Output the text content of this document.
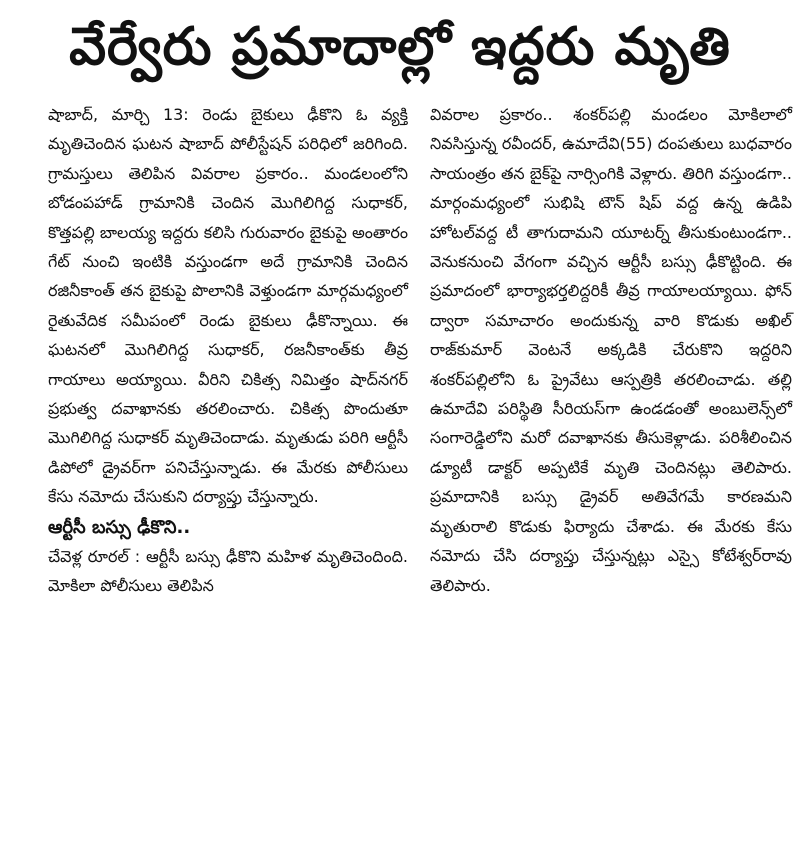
వేర్వేరు ప్రమాదాల్లో ఇద్దరు మృతి

షాబాద్, మార్చి 13: రెండు బైకులు ఢీకొని ఓ వ్యక్తి మృతిచెందిన ఘటన షాబాద్ పోలీస్టేషన్ పరిధిలో జరిగింది. గ్రామస్తులు తెలిపిన వివరాల ప్రకారం.. మండలంలోని బోడంపహాడ్ గ్రామానికి చెందిన మొగిలిగిద్ద సుధాకర్, కొత్తపల్లి బాలయ్య ఇద్దరు కలిసి గురువారం బైకుపై అంతారం గేట్ నుంచి ఇంటికి వస్తుండగా అదే గ్రామానికి చెందిన రజినీకాంత్ తన బైకుపై పొలానికి వెళ్తుండగా మార్గమధ్యంలో రైతువేదిక సమీపంలో రెండు బైకులు ఢీకొన్నాయి. ఈ ఘటనలో మొగిలిగిద్ద సుధాకర్, రజనీకాంత్‌కు తీవ్ర గాయాలు అయ్యాయి. వీరిని చికిత్స నిమిత్తం షాద్‌నగర్ ప్రభుత్వ దవాఖానకు తరలించారు. చికిత్స పొందుతూ మొగిలిగిద్ద సుధాకర్ మృతిచెందాడు. మృతుడు పరిగి ఆర్టీసీ డిపోలో డ్రైవర్‌గా పనిచేస్తున్నాడు. ఈ మేరకు పోలీసులు కేసు నమోదు చేసుకుని దర్యాప్తు చేస్తున్నారు.

ఆర్టీసీ బస్సు ఢీకొని..

చేవెళ్ల రూరల్ : ఆర్టీసీ బస్సు ఢీకొని మహిళ మృతిచెందింది. మోకిలా పోలీసులు తెలిపిన

వివరాల ప్రకారం.. శంకర్‌పల్లి మండలం మోకిలాలో నివసిస్తున్న రవీందర్, ఉమాదేవి(55) దంపతులు బుధవారం సాయంత్రం తన బైక్‌పై నార్సింగికి వెళ్లారు. తిరిగి వస్తుండగా.. మార్గంమధ్యంలో సుభిషి టౌన్ షిప్ వద్ద ఉన్న ఉడిపి హోటల్‌వద్ద టీ తాగుదామని యూటర్న్ తీసుకుంటుండగా.. వెనుకనుంచి వేగంగా వచ్చిన ఆర్టీసీ బస్సు ఢీకొట్టింది. ఈ ప్రమాదంలో భార్యాభర్తలిద్దరికీ తీవ్ర గాయాలయ్యాయి. ఫోన్ ద్వారా సమాచారం అందుకున్న వారి కొడుకు అఖిల్ రాజ్‌కుమార్ వెంటనే అక్కడికి చేరుకొని ఇద్దరిని శంకర్‌పల్లిలోని ఓ ప్రైవేటు ఆస్పత్రికి తరలించాడు. తల్లి ఉమాదేవి పరిస్థితి సీరియస్‌గా ఉండడంతో అంబులెన్స్‌లో సంగారెడ్డిలోని మరో దవాఖానకు తీసుకెళ్లాడు. పరిశీలించిన డ్యూటీ డాక్టర్ అప్పటికే మృతి చెందినట్లు తెలిపారు. ప్రమాదానికి బస్సు డ్రైవర్ అతివేగమే కారణమని మృతురాలి కొడుకు ఫిర్యాదు చేశాడు. ఈ మేరకు కేసు నమోదు చేసి దర్యాప్తు చేస్తున్నట్లు ఎస్సై కోటేశ్వర్‌రావు తెలిపారు.
